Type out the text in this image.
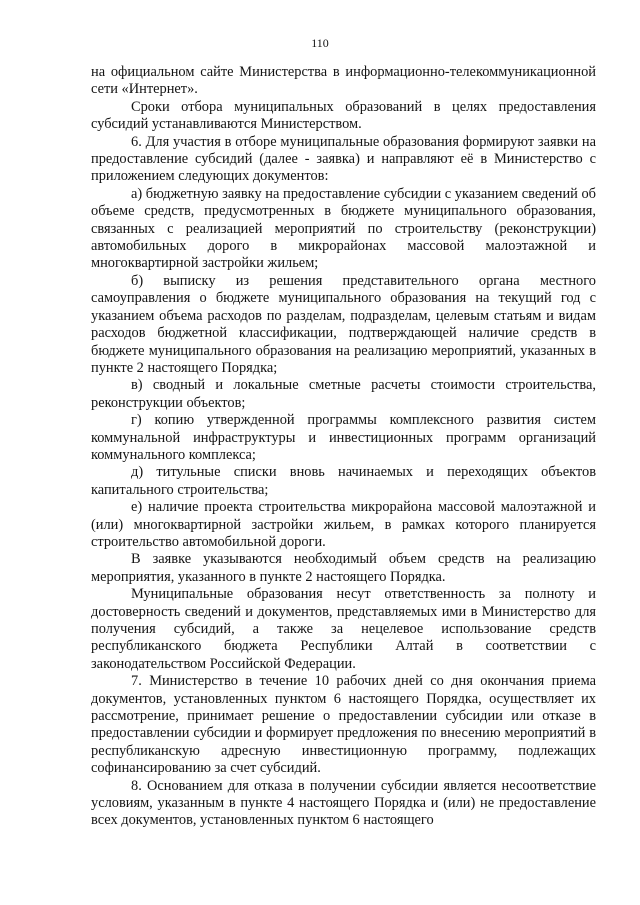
110

на официальном сайте Министерства в информационно-телекоммуникационной сети «Интернет».

Сроки отбора муниципальных образований в целях предоставления субсидий устанавливаются Министерством.

6. Для участия в отборе муниципальные образования формируют заявки на предоставление субсидий (далее - заявка) и направляют её в Министерство с приложением следующих документов:

а) бюджетную заявку на предоставление субсидии с указанием сведений об объеме средств, предусмотренных в бюджете муниципального образования, связанных с реализацией мероприятий по строительству (реконструкции) автомобильных дорого в микрорайонах массовой малоэтажной и многоквартирной застройки жильем;

б) выписку из решения представительного органа местного самоуправления о бюджете муниципального образования на текущий год с указанием объема расходов по разделам, подразделам, целевым статьям и видам расходов бюджетной классификации, подтверждающей наличие средств в бюджете муниципального образования на реализацию мероприятий, указанных в пункте 2 настоящего Порядка;

в) сводный и локальные сметные расчеты стоимости строительства, реконструкции объектов;

г) копию утвержденной программы комплексного развития систем коммунальной инфраструктуры и инвестиционных программ организаций коммунального комплекса;

д) титульные списки вновь начинаемых и переходящих объектов капитального строительства;

е) наличие проекта строительства микрорайона массовой малоэтажной и (или) многоквартирной застройки жильем, в рамках которого планируется строительство автомобильной дороги.

В заявке указываются необходимый объем средств на реализацию мероприятия, указанного в пункте 2 настоящего Порядка.

Муниципальные образования несут ответственность за полноту и достоверность сведений и документов, представляемых ими в Министерство для получения субсидий, а также за нецелевое использование средств республиканского бюджета Республики Алтай в соответствии с законодательством Российской Федерации.

7. Министерство в течение 10 рабочих дней со дня окончания приема документов, установленных пунктом 6 настоящего Порядка, осуществляет их рассмотрение, принимает решение о предоставлении субсидии или отказе в предоставлении субсидии и формирует предложения по внесению мероприятий в республиканскую адресную инвестиционную программу, подлежащих софинансированию за счет субсидий.

8. Основанием для отказа в получении субсидии является несоответствие условиям, указанным в пункте 4 настоящего Порядка и (или) не предоставление всех документов, установленных пунктом 6 настоящего
